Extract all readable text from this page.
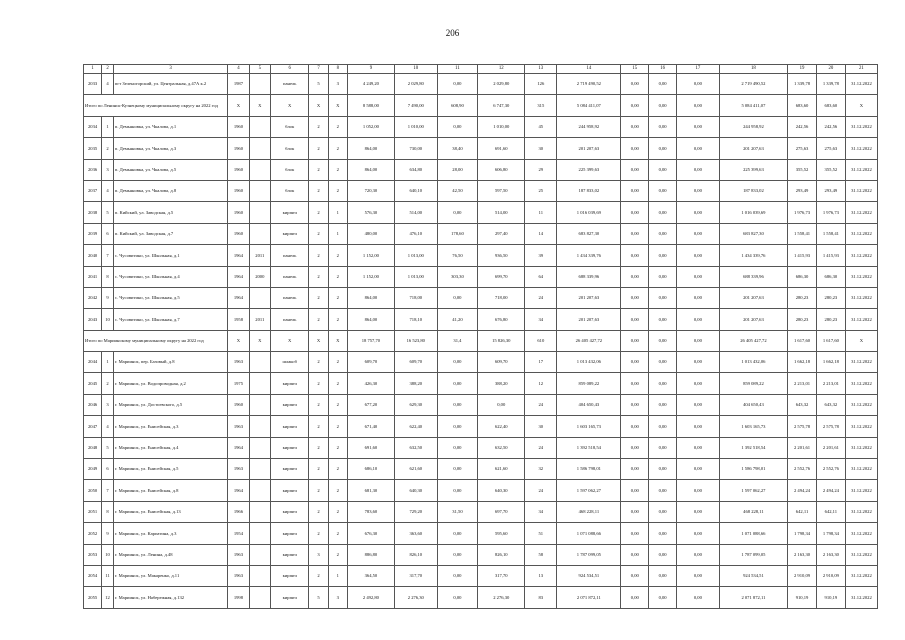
206
1	2	3	4	5	6	7	8	9	10	11	12	13	14	15	16	17	18	19	20	21
2033	4	пгт Зеленогорский, ул. Центральная, д.47А к.2	1987		панель	5	3	4 249,20	2 029,80	0,00	2 029,80	126	2 719 490,52	0,00	0,00	0,00	2 719 490,52	1 339,78	1 339,78	31.12.2022
Итого по Ленинск-Кузнецкому муниципальному округу на 2022 год			X	X	X	X	X	8 588,00	7 490,00	608,90	6 747,30	315	5 084 411,07	0,00	0,00	0,00	5 084 411,07	683,60	683,60	X
2034	1	п. Демьяновка, ул. Чкалова, д.1	1960		блок	2	2	1 052,00	1 010,00	0,00	1 010,00	45	244 958,92	0,00	0,00	0,00	244 958,92	242,56	242,56	31.12.2022
2035	2	п. Демьяновка, ул. Чкалова, д.3	1960		блок	2	2	864,00	730,00	38,40	691,60	30	201 207,63	0,00	0,00	0,00	201 207,63	275,63	275,63	31.12.2022
2036	3	п. Демьяновка, ул. Чкалова, д.5	1960		блок	2	2	864,00	634,80	28,00	606,80	29	225 399,63	0,00	0,00	0,00	225 399,63	355,52	355,52	31.12.2022
2037	4	п. Демьяновка, ул. Чкалова, д.8	1960		блок	2	2	720,30	640,10	42,50	597,50	25	187 833,02	0,00	0,00	0,00	187 833,02	293,49	293,49	31.12.2022
2038	5	п. Кийский, ул. Заводская, д.5	1960		кирпич	2	1	576,30	514,00	0,00	514,00	11	1 016 039,69	0,00	0,00	0,00	1 016 039,69	1 976,73	1 976,73	31.12.2022
2039	6	п. Кийский, ул. Заводская, д.7	1960		кирпич	2	1	480,00	476,10	178,60	297,40	14	683 827,30	0,00	0,00	0,00	683 827,30	1 558,41	1 558,41	31.12.2022
2040	7	с. Чусовитино, ул. Школьная, д.1	1964	2011	панель	2	2	1 152,00	1 013,00	76,50	936,50	39	1 434 339,76	0,00	0,00	0,00	1 434 339,76	1 415,93	1 415,93	31.12.2022
2041	8	с. Чусовитино, ул. Школьная, д.4	1964	2000	панель	2	2	1 152,00	1 013,00	303,30	699,70	64	688 339,96	0,00	0,00	0,00	688 339,96	686,30	686,30	31.12.2022
2042	9	с. Чусовитино, ул. Школьная, д.5	1964		панель	2	2	864,00	718,00	0,00	718,00	24	201 207,63	0,00	0,00	0,00	201 207,63	280,23	280,23	31.12.2022
2043	10	с. Чусовитино, ул. Школьная, д.7	1958	2011	панель	2	2	864,00	718,10	41,20	676,80	34	201 207,63	0,00	0,00	0,00	201 207,63	280,23	280,23	31.12.2022
Итого по Мариинскому муниципальному округу на 2022 год			X	X	X	X	X	18 757,70	16 523,80	31,4	15 826,30	610	26 405 427,72	0,00	0,00	0,00	26 405 427,72	1 617,60	1 617,60	X
2044	1	г. Мариинск, пер. Базовый, д.8	1963		шлакоб	2	2	609,70	609,70	0,00	609,70	17	1 013 432,06	0,00	0,00	0,00	1 013 432,06	1 662,18	1 662,18	31.12.2022
2045	2	г. Мариинск, ул. Водопроводная, д.2	1975		кирпич	2	2	426,30	388,20	0,00	388,20	12	859 089,22	0,00	0,00	0,00	859 089,22	2 213,01	2 213,01	31.12.2022
2046	3	г. Мариинск, ул. Достоевского, д.5	1960		кирпич	2	2	677,20	629,30	0,00	0,00	24	404 650,43	0,00	0,00	0,00	404 650,43	643,32	643,32	31.12.2022
2047	4	г. Мариинск, ул. Енисейская, д.3	1963		кирпич	2	2	671,40	622,40	0,00	622,40	30	1 603 165,73	0,00	0,00	0,00	1 603 165,73	2 575,78	2 575,78	31.12.2022
2048	5	г. Мариинск, ул. Енисейская, д.4	1964		кирпич	2	2	691,60	632,50	0,00	632,50	24	1 392 518,54	0,00	0,00	0,00	1 392 518,54	2 201,61	2 201,61	31.12.2022
2049	6	г. Мариинск, ул. Енисейская, д.5	1963		кирпич	2	2	686,10	621,60	0,00	621,60	32	1 586 798,01	0,00	0,00	0,00	1 586 798,01	2 552,76	2 552,76	31.12.2022
2050	7	г. Мариинск, ул. Енисейская, д.8	1964		кирпич	2	2	681,30	640,30	0,00	640,30	24	1 597 062,27	0,00	0,00	0,00	1 597 062,27	2 494,24	2 494,24	31.12.2022
2051	8	г. Мариинск, ул. Енисейская, д.13	1966		кирпич	2	2	783,60	729,20	31,50	697,70	34	468 228,11	0,00	0,00	0,00	468 228,11	642,11	642,11	31.12.2022
2052	9	г. Мариинск, ул. Карпатина, д.3	1954		кирпич	2	2	676,30	363,60	0,00	595,60	51	1 071 088,66	0,00	0,00	0,00	1 071 088,66	1 798,34	1 798,34	31.12.2022
2053	10	г. Мариинск, ул. Ленина, д.48	1963		кирпич	3	2	886,80	826,10	0,00	826,10	58	1 787 099,05	0,00	0,00	0,00	1 787 099,05	2 163,30	2 163,30	31.12.2022
2054	11	г. Мариинск, ул. Макаренко, д.11	1963		кирпич	2	1	364,50	317,70	0,00	317,70	13	924 534,51	0,00	0,00	0,00	924 534,51	2 910,09	2 910,09	31.12.2022
2055	12	г. Мариинск, ул. Набережная, д.132	1998		кирпич	5	3	2 492,80	2 276,30	0,00	2 276,30	83	2 071 872,11	0,00	0,00	0,00	2 071 872,11	910,19	910,19	31.12.2022
